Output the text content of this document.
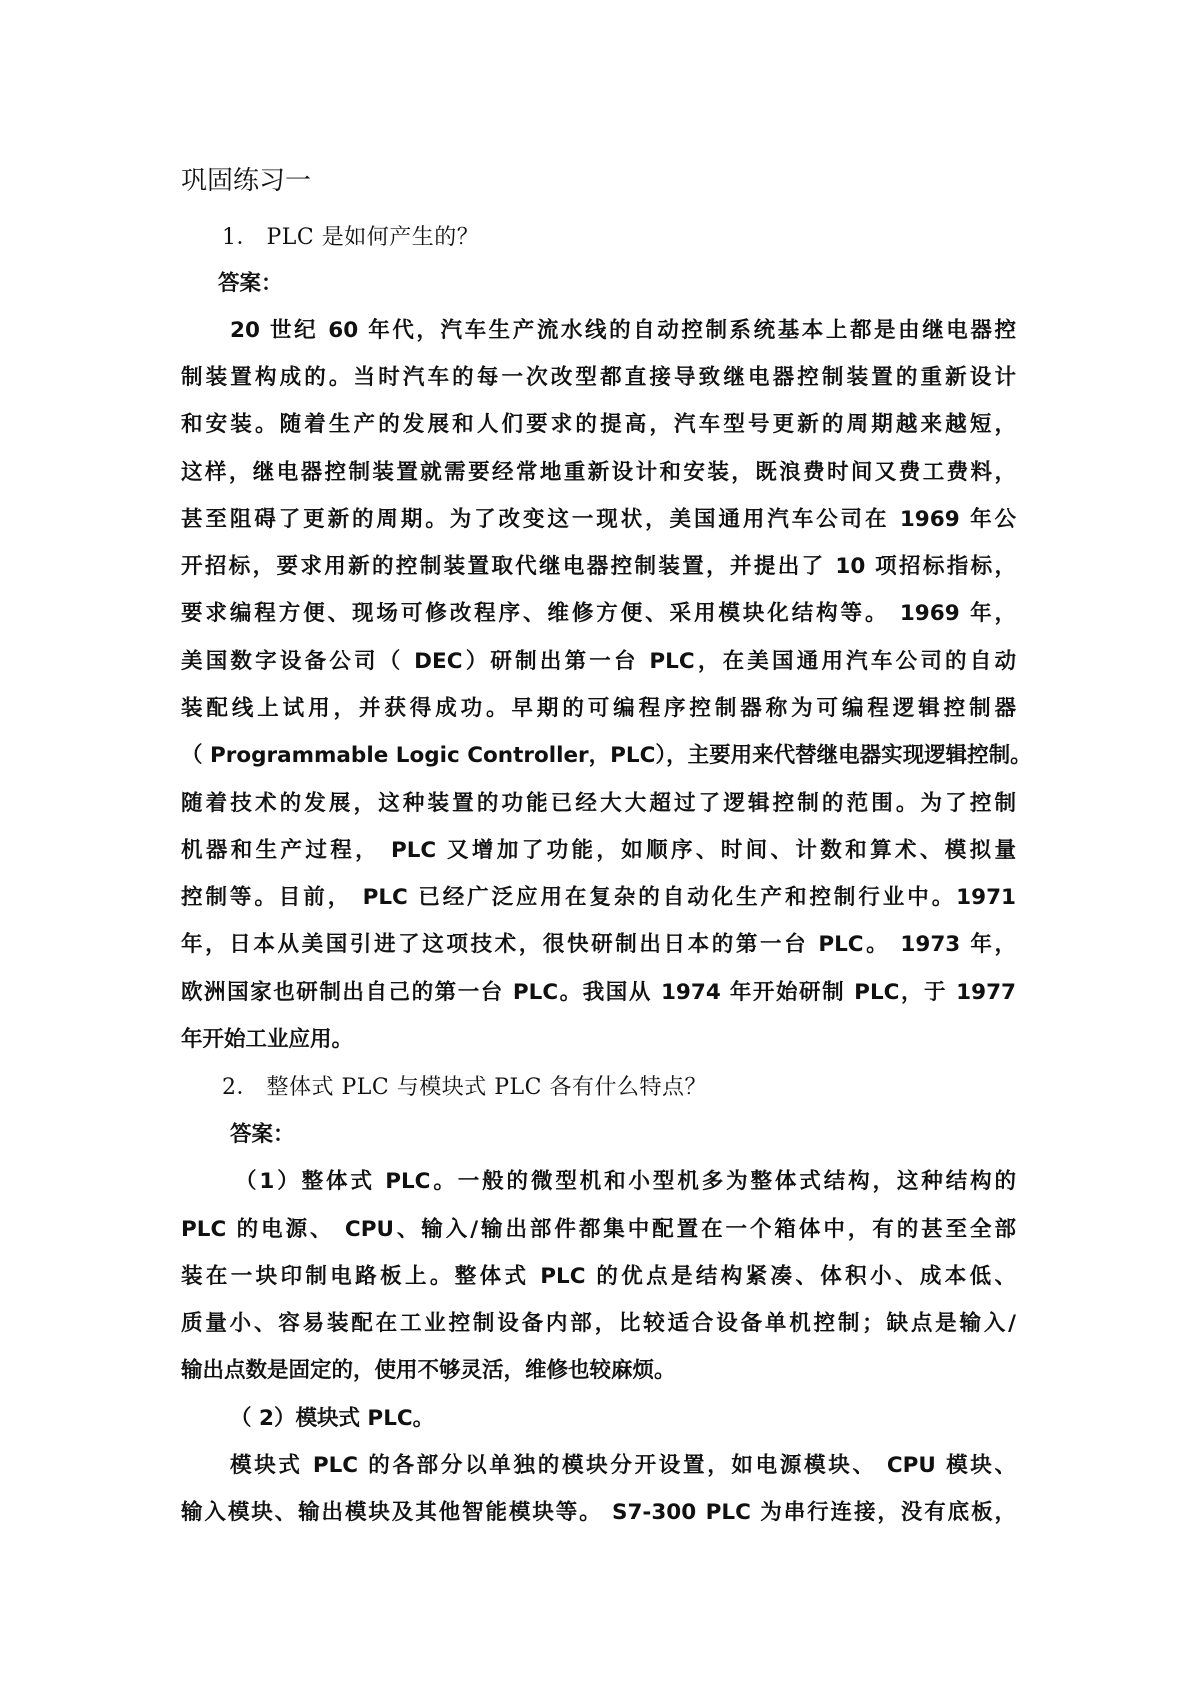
巩固练习一
1． PLC 是如何产生的？
答案：
20 世纪 60 年代，汽车生产流水线的自动控制系统基本上都是由继电器控
制装置构成的。当时汽车的每一次改型都直接导致继电器控制装置的重新设计
和安装。随着生产的发展和人们要求的提高，汽车型号更新的周期越来越短，
这样，继电器控制装置就需要经常地重新设计和安装，既浪费时间又费工费料，
甚至阻碍了更新的周期。为了改变这一现状，美国通用汽车公司在 1969 年公
开招标，要求用新的控制装置取代继电器控制装置，并提出了 10 项招标指标，
要求编程方便、现场可修改程序、维修方便、采用模块化结构等。 1969 年，
美国数字设备公司（ DEC）研制出第一台 PLC，在美国通用汽车公司的自动
装配线上试用，并获得成功。早期的可编程序控制器称为可编程逻辑控制器
（ Programmable Logic Controller，PLC），主要用来代替继电器实现逻辑控制。
随着技术的发展，这种装置的功能已经大大超过了逻辑控制的范围。为了控制
机器和生产过程， PLC 又增加了功能，如顺序、时间、计数和算术、模拟量
控制等。目前， PLC 已经广泛应用在复杂的自动化生产和控制行业中。1971
年，日本从美国引进了这项技术，很快研制出日本的第一台 PLC。 1973 年，
欧洲国家也研制出自己的第一台 PLC。我国从 1974 年开始研制 PLC，于 1977
年开始工业应用。
2． 整体式 PLC 与模块式 PLC 各有什么特点？
答案：
（1）整体式 PLC。一般的微型机和小型机多为整体式结构，这种结构的
PLC 的电源、 CPU、输入/输出部件都集中配置在一个箱体中，有的甚至全部
装在一块印制电路板上。整体式 PLC 的优点是结构紧凑、体积小、成本低、
质量小、容易装配在工业控制设备内部，比较适合设备单机控制；缺点是输入/
输出点数是固定的，使用不够灵活，维修也较麻烦。
（ 2）模块式 PLC。
模块式 PLC 的各部分以单独的模块分开设置，如电源模块、 CPU 模块、
输入模块、输出模块及其他智能模块等。 S7-300 PLC 为串行连接，没有底板，
